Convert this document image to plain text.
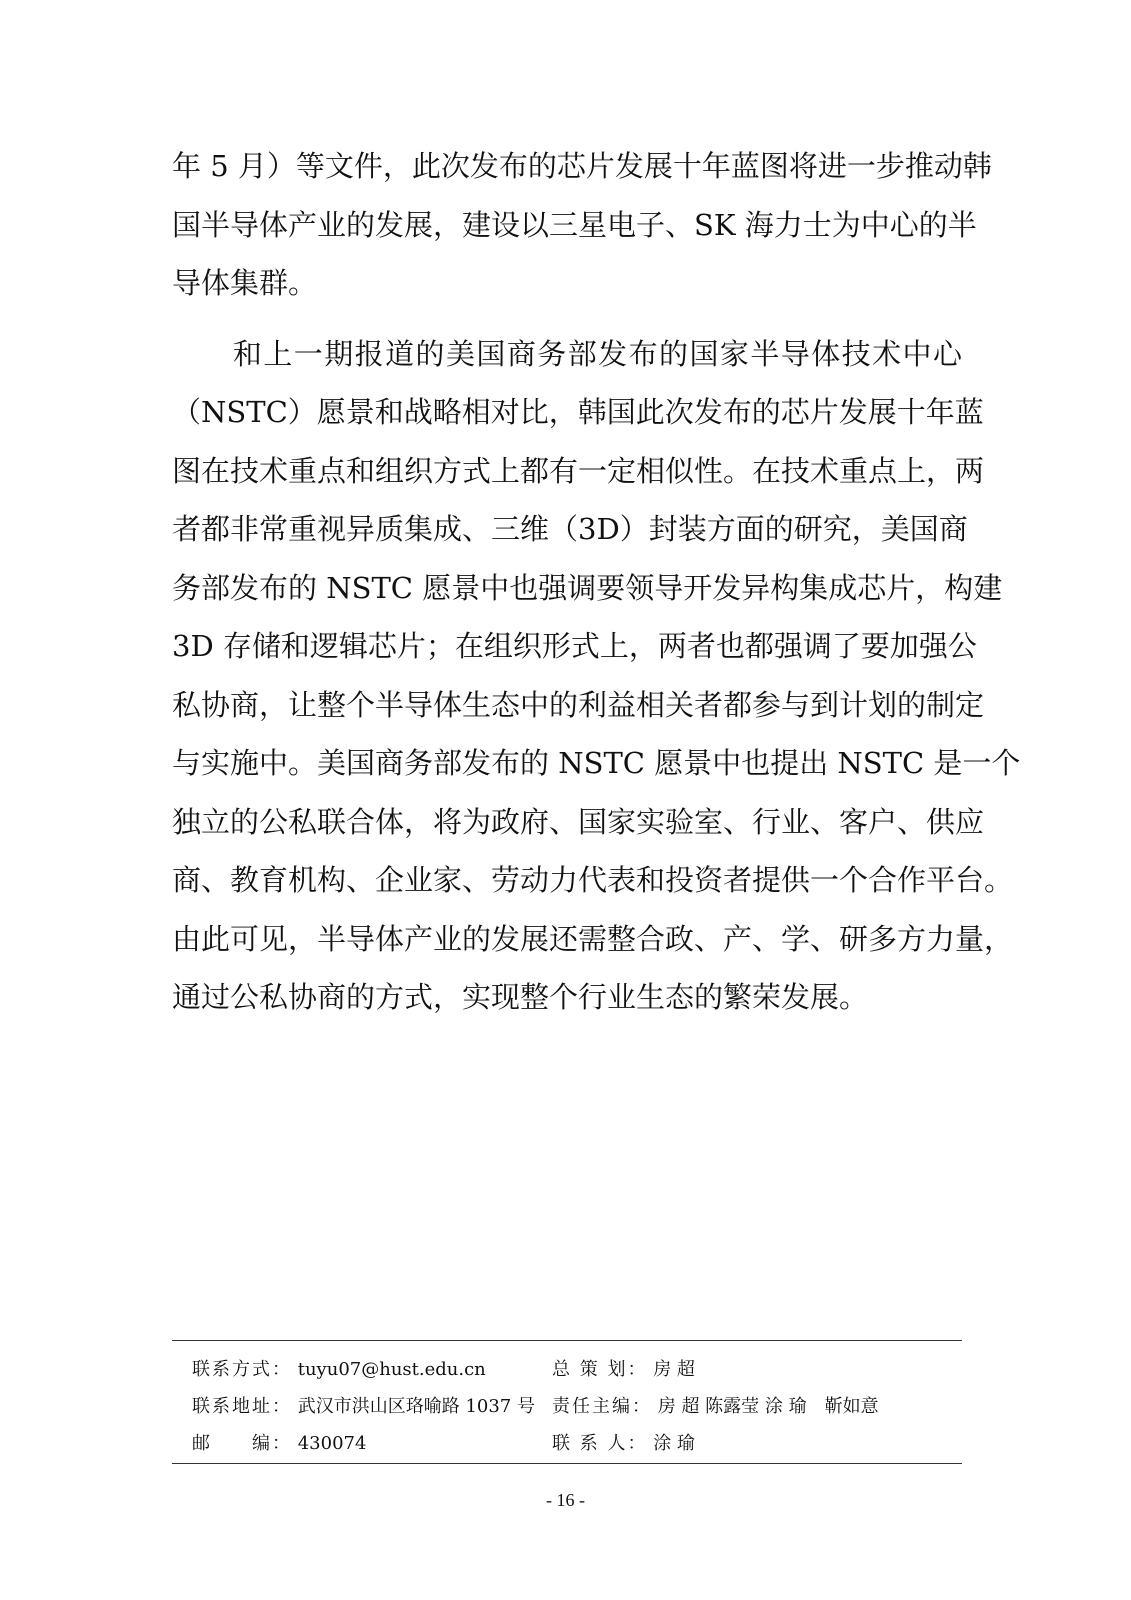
年 5 月）等文件，此次发布的芯片发展十年蓝图将进一步推动韩
国半导体产业的发展，建设以三星电子、SK 海力士为中心的半
导体集群。
　　和上一期报道的美国商务部发布的国家半导体技术中心
（NSTC）愿景和战略相对比，韩国此次发布的芯片发展十年蓝
图在技术重点和组织方式上都有一定相似性。在技术重点上，两
者都非常重视异质集成、三维（3D）封装方面的研究，美国商
务部发布的 NSTC 愿景中也强调要领导开发异构集成芯片，构建
3D 存储和逻辑芯片；在组织形式上，两者也都强调了要加强公
私协商，让整个半导体生态中的利益相关者都参与到计划的制定
与实施中。美国商务部发布的 NSTC 愿景中也提出 NSTC 是一个
独立的公私联合体，将为政府、国家实验室、行业、客户、供应
商、教育机构、企业家、劳动力代表和投资者提供一个合作平台。
由此可见，半导体产业的发展还需整合政、产、学、研多方力量，
通过公私协商的方式，实现整个行业生态的繁荣发展。
联系方式： tuyu07@hust.edu.cn
联系地址： 武汉市洪山区珞喻路 1037 号
邮　　编： 430074
总 策 划： 房 超
责任主编： 房 超 陈露莹 涂 瑜　靳如意
联 系 人： 涂 瑜
- 16 -
